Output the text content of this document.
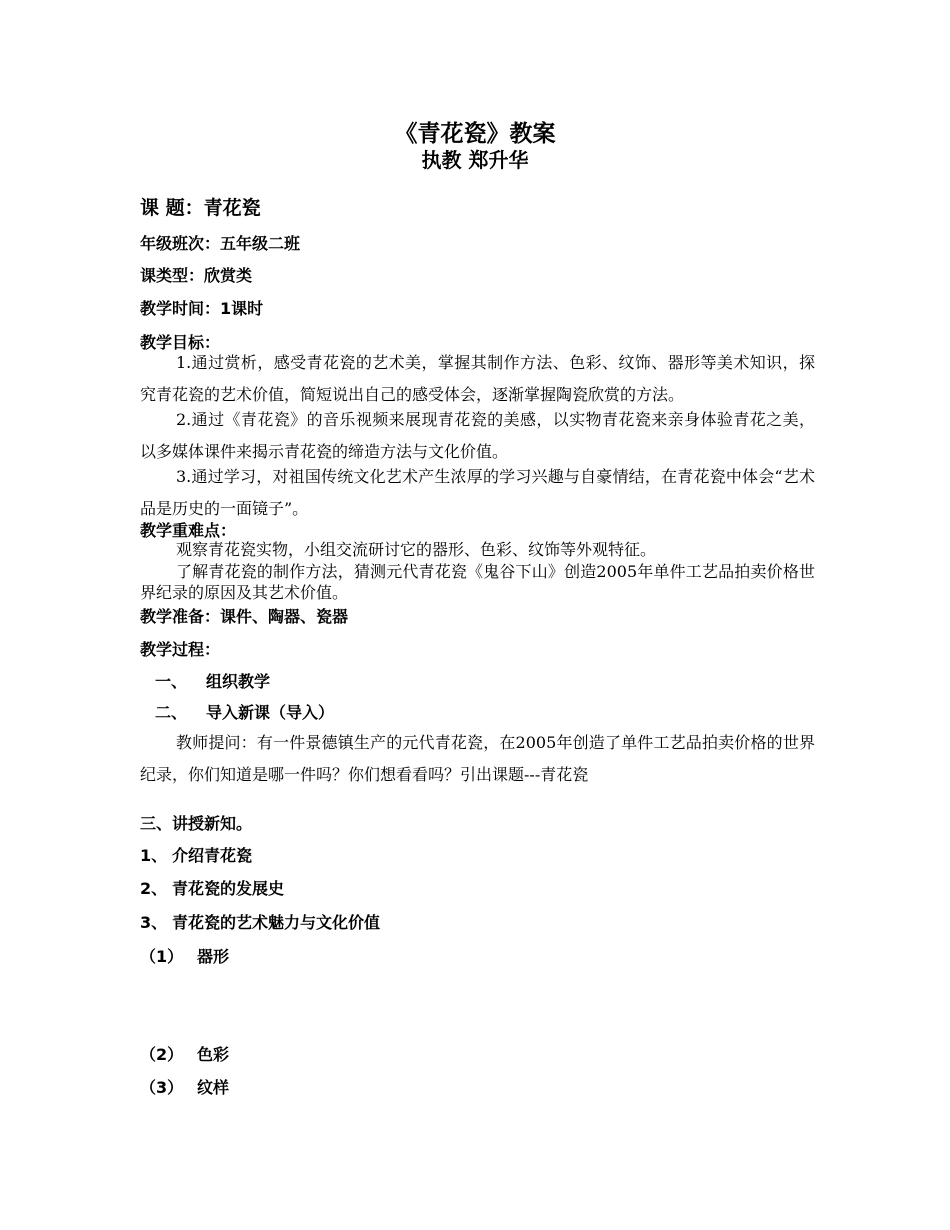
《青花瓷》教案
执教 郑升华
课 题：青花瓷
年级班次：五年级二班
课类型：欣赏类
教学时间：1课时
教学目标：
1.通过赏析，感受青花瓷的艺术美，掌握其制作方法、色彩、纹饰、器形等美术知识，探究青花瓷的艺术价值，简短说出自己的感受体会，逐渐掌握陶瓷欣赏的方法。
2.通过《青花瓷》的音乐视频来展现青花瓷的美感，以实物青花瓷来亲身体验青花之美，以多媒体课件来揭示青花瓷的缔造方法与文化价值。
3.通过学习，对祖国传统文化艺术产生浓厚的学习兴趣与自豪情结，在青花瓷中体会“艺术品是历史的一面镜子”。
教学重难点：
观察青花瓷实物，小组交流研讨它的器形、色彩、纹饰等外观特征。
了解青花瓷的制作方法，猜测元代青花瓷《鬼谷下山》创造2005年单件工艺品拍卖价格世界纪录的原因及其艺术价值。
教学准备：课件、陶器、瓷器
教学过程：
一、 组织教学
二、 导入新课（导入）
教师提问：有一件景德镇生产的元代青花瓷，在2005年创造了单件工艺品拍卖价格的世界纪录，你们知道是哪一件吗？你们想看看吗？引出课题---青花瓷
三、讲授新知。
1、 介绍青花瓷
2、 青花瓷的发展史
3、 青花瓷的艺术魅力与文化价值
（1） 器形
（2） 色彩
（3） 纹样
